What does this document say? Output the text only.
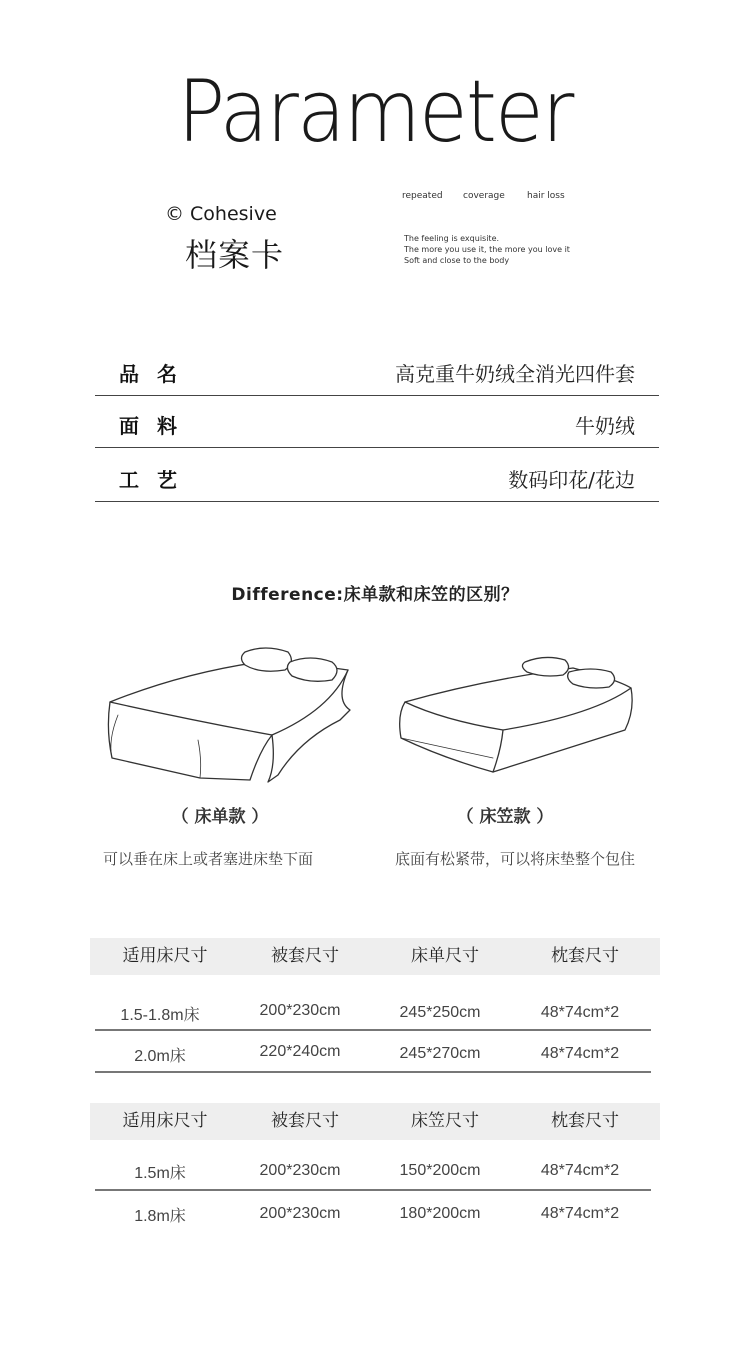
Parameter
© Cohesive
档案卡
repeated coverage hair loss
The feeling is exquisite.
The more you use it, the more you love it
Soft and close to the body
品名	高克重牛奶绒全消光四件套
面料	牛奶绒
工艺	数码印花/花边
Difference:床单款和床笠的区别？
（ 床单款 ）	（ 床笠款 ）
可以垂在床上或者塞进床垫下面	底面有松紧带，可以将床垫整个包住
适用床尺寸	被套尺寸	床单尺寸	枕套尺寸
1.5-1.8m床	200*230cm	245*250cm	48*74cm*2
2.0m床	220*240cm	245*270cm	48*74cm*2
适用床尺寸	被套尺寸	床笠尺寸	枕套尺寸
1.5m床	200*230cm	150*200cm	48*74cm*2
1.8m床	200*230cm	180*200cm	48*74cm*2
